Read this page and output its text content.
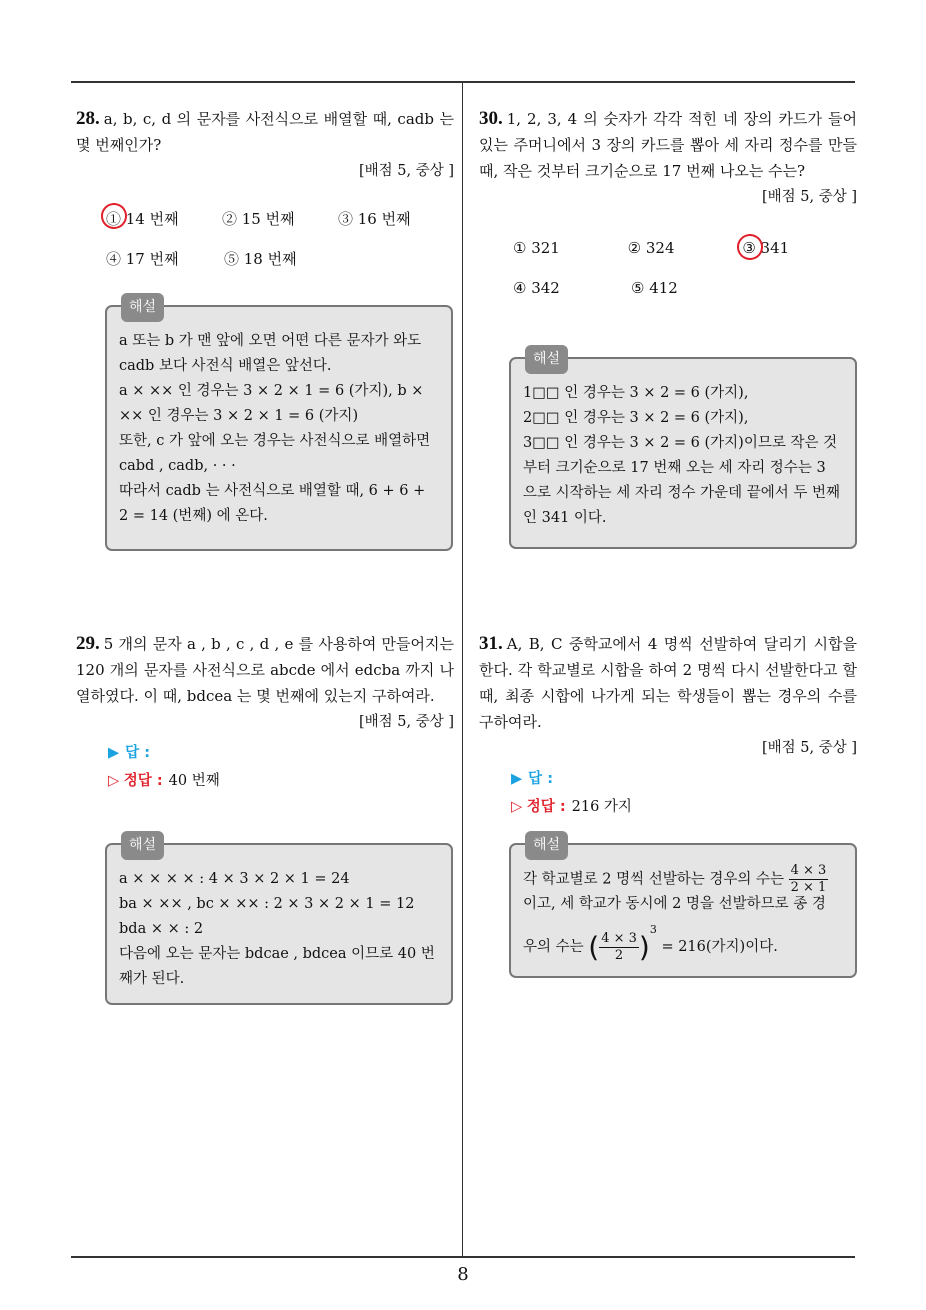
28. a, b, c, d 의 문자를 사전식으로 배열할 때, cadb 는 몇 번째인가?
[배점 5, 중상 ]
① 14 번째	② 15 번째	③ 16 번째
④ 17 번째	⑤ 18 번째
해설

a 또는 b 가 맨 앞에 오면 어떤 다른 문자가 와도 cadb 보다 사전식 배열은 앞선다.

a × ×× 인 경우는 3 × 2 × 1 = 6 (가지), b × ×× 인 경우는 3 × 2 × 1 = 6 (가지)

또한, c 가 앞에 오는 경우는 사전식으로 배열하면 cabd , cadb, · · ·

따라서 cadb 는 사전식으로 배열할 때, 6 + 6 + 2 = 14 (번째) 에 온다.

29. 5 개의 문자 a , b , c , d , e 를 사용하여 만들어지는 120 개의 문자를 사전식으로 abcde 에서 edcba 까지 나열하였다. 이 때, bdcea 는 몇 번째에 있는지 구하여라.
[배점 5, 중상 ]
▶ 답 :
▷ 정답 : 40 번째
해설

a × × × × : 4 × 3 × 2 × 1 = 24

ba × ×× , bc × ×× : 2 × 3 × 2 × 1 = 12

bda × × : 2

다음에 오는 문자는 bdcae , bdcea 이므로 40 번째가 된다.

30. 1, 2, 3, 4 의 숫자가 각각 적힌 네 장의 카드가 들어 있는 주머니에서 3 장의 카드를 뽑아 세 자리 정수를 만들 때, 작은 것부터 크기순으로 17 번째 나오는 수는?
[배점 5, 중상 ]
① 321	② 324	③ 341
④ 342	⑤ 412
해설

1□□ 인 경우는 3 × 2 = 6 (가지),

2□□ 인 경우는 3 × 2 = 6 (가지),

3□□ 인 경우는 3 × 2 = 6 (가지)이므로 작은 것부터 크기순으로 17 번째 오는 세 자리 정수는 3 으로 시작하는 세 자리 정수 가운데 끝에서 두 번째인 341 이다.

31. A, B, C 중학교에서 4 명씩 선발하여 달리기 시합을 한다. 각 학교별로 시합을 하여 2 명씩 다시 선발한다고 할 때, 최종 시합에 나가게 되는 학생들이 뽑는 경우의 수를 구하여라.
[배점 5, 중상 ]
▶ 답 :
▷ 정답 : 216 가지
해설

각 학교별로 2 명씩 선발하는 경우의 수는 $\frac{4 \times 3}{2 \times 1}$

이고, 세 학교가 동시에 2 명을 선발하므로 종 경

우의 수는 ( $\frac{4 \times 3}{2} )^3 = 216$(가지)이다.

8
